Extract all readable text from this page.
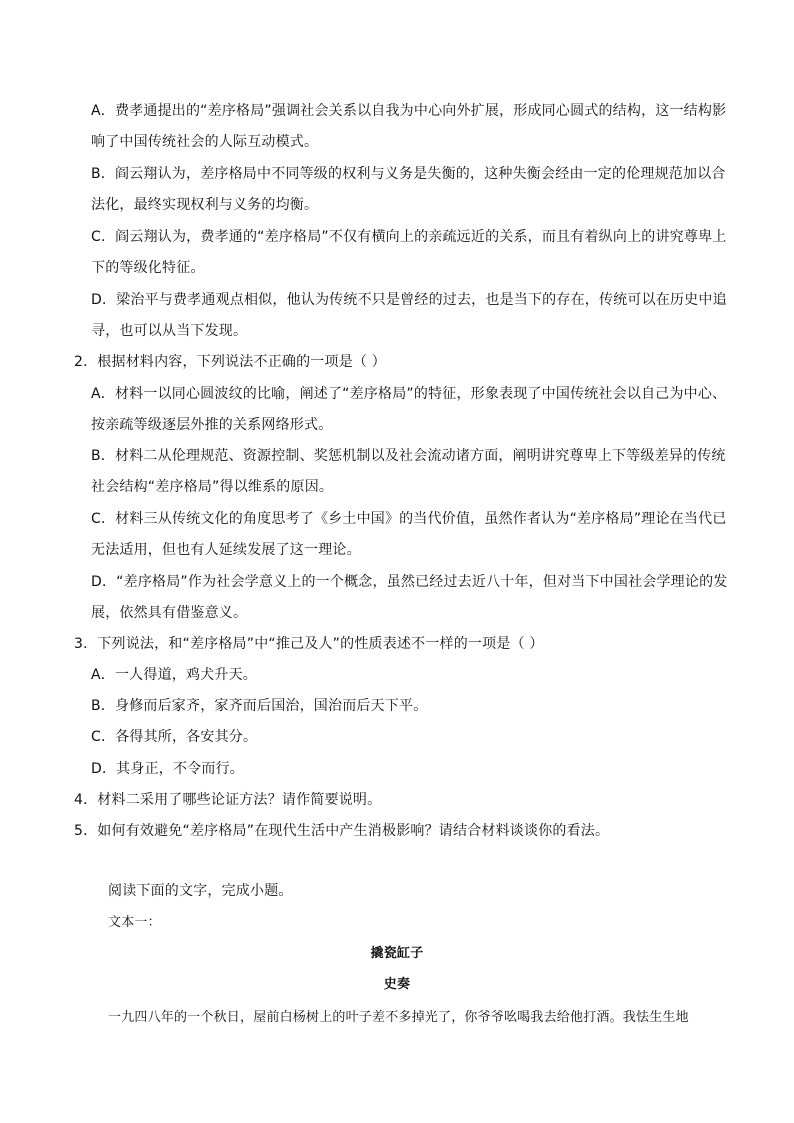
A．费孝通提出的“差序格局”强调社会关系以自我为中心向外扩展，形成同心圆式的结构，这一结构影
响了中国传统社会的人际互动模式。
B．阎云翔认为，差序格局中不同等级的权利与义务是失衡的，这种失衡会经由一定的伦理规范加以合
法化，最终实现权利与义务的均衡。
C．阎云翔认为，费孝通的“差序格局”不仅有横向上的亲疏远近的关系，而且有着纵向上的讲究尊卑上
下的等级化特征。
D．梁治平与费孝通观点相似，他认为传统不只是曾经的过去，也是当下的存在，传统可以在历史中追
寻，也可以从当下发现。
2．根据材料内容，下列说法不正确的一项是（ ）
A．材料一以同心圆波纹的比喻，阐述了“差序格局”的特征，形象表现了中国传统社会以自己为中心、
按亲疏等级逐层外推的关系网络形式。
B．材料二从伦理规范、资源控制、奖惩机制以及社会流动诸方面，阐明讲究尊卑上下等级差异的传统
社会结构“差序格局”得以维系的原因。
C．材料三从传统文化的角度思考了《乡土中国》的当代价值，虽然作者认为“差序格局”理论在当代已
无法适用，但也有人延续发展了这一理论。
D．“差序格局”作为社会学意义上的一个概念，虽然已经过去近八十年，但对当下中国社会学理论的发
展，依然具有借鉴意义。
3．下列说法，和“差序格局”中“推己及人”的性质表述不一样的一项是（ ）
A．一人得道，鸡犬升天。
B．身修而后家齐，家齐而后国治，国治而后天下平。
C．各得其所，各安其分。
D．其身正，不令而行。
4．材料二采用了哪些论证方法？请作简要说明。
5．如何有效避免“差序格局”在现代生活中产生消极影响？请结合材料谈谈你的看法。
阅读下面的文字，完成小题。
文本一：
撬瓷缸子
史奏
一九四八年的一个秋日，屋前白杨树上的叶子差不多掉光了，你爷爷吆喝我去给他打酒。我怯生生地
